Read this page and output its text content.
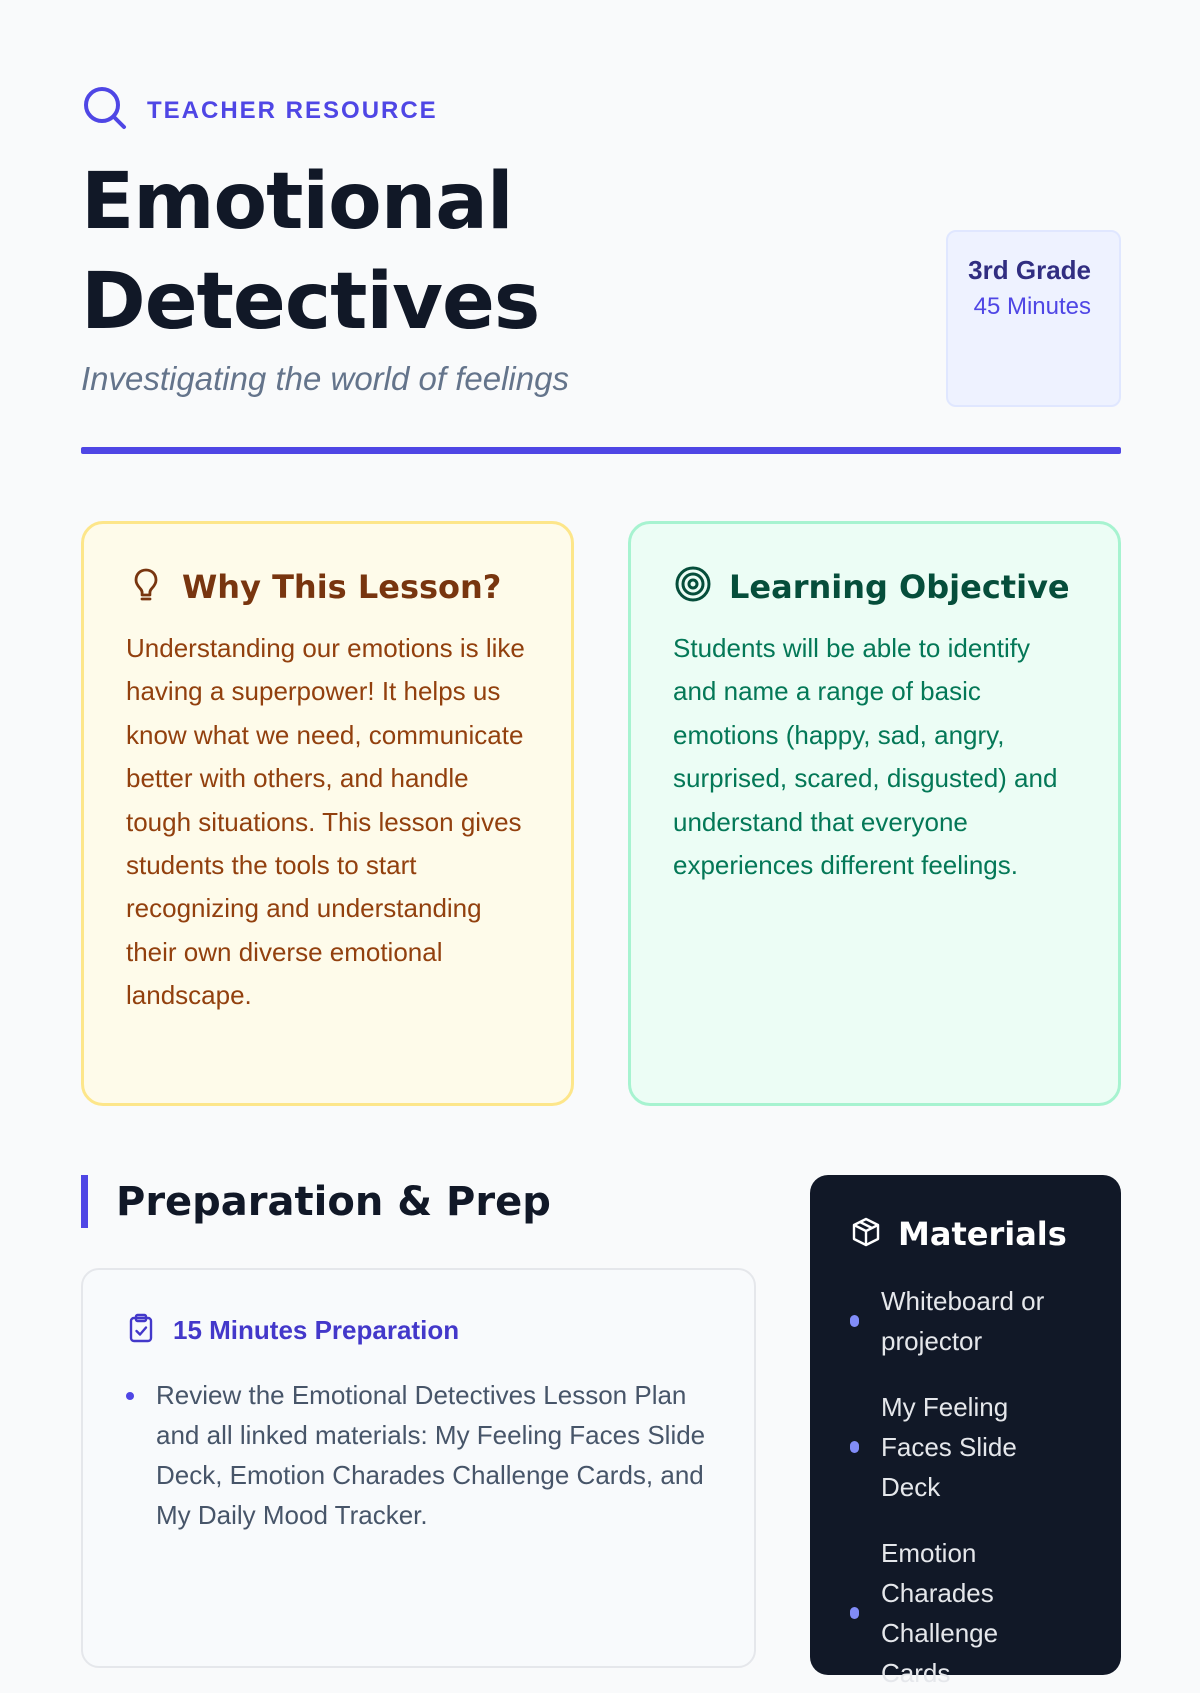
TEACHER RESOURCE
Emotional Detectives

Investigating the world of feelings

3rd Grade
45 Minutes
Why This Lesson?

Understanding our emotions is like having a superpower! It helps us know what we need, communicate better with others, and handle tough situations. This lesson gives students the tools to start recognizing and understanding their own diverse emotional landscape.

Learning Objective

Students will be able to identify and name a range of basic emotions (happy, sad, angry, surprised, scared, disgusted) and understand that everyone experiences different feelings.

Preparation & Prep
15 Minutes Preparation
Review the Emotional Detectives Lesson Plan and all linked materials: My Feeling Faces Slide Deck, Emotion Charades Challenge Cards, and My Daily Mood Tracker.
Materials
Whiteboard or projector
My Feeling Faces Slide Deck
Emotion Charades Challenge Cards
